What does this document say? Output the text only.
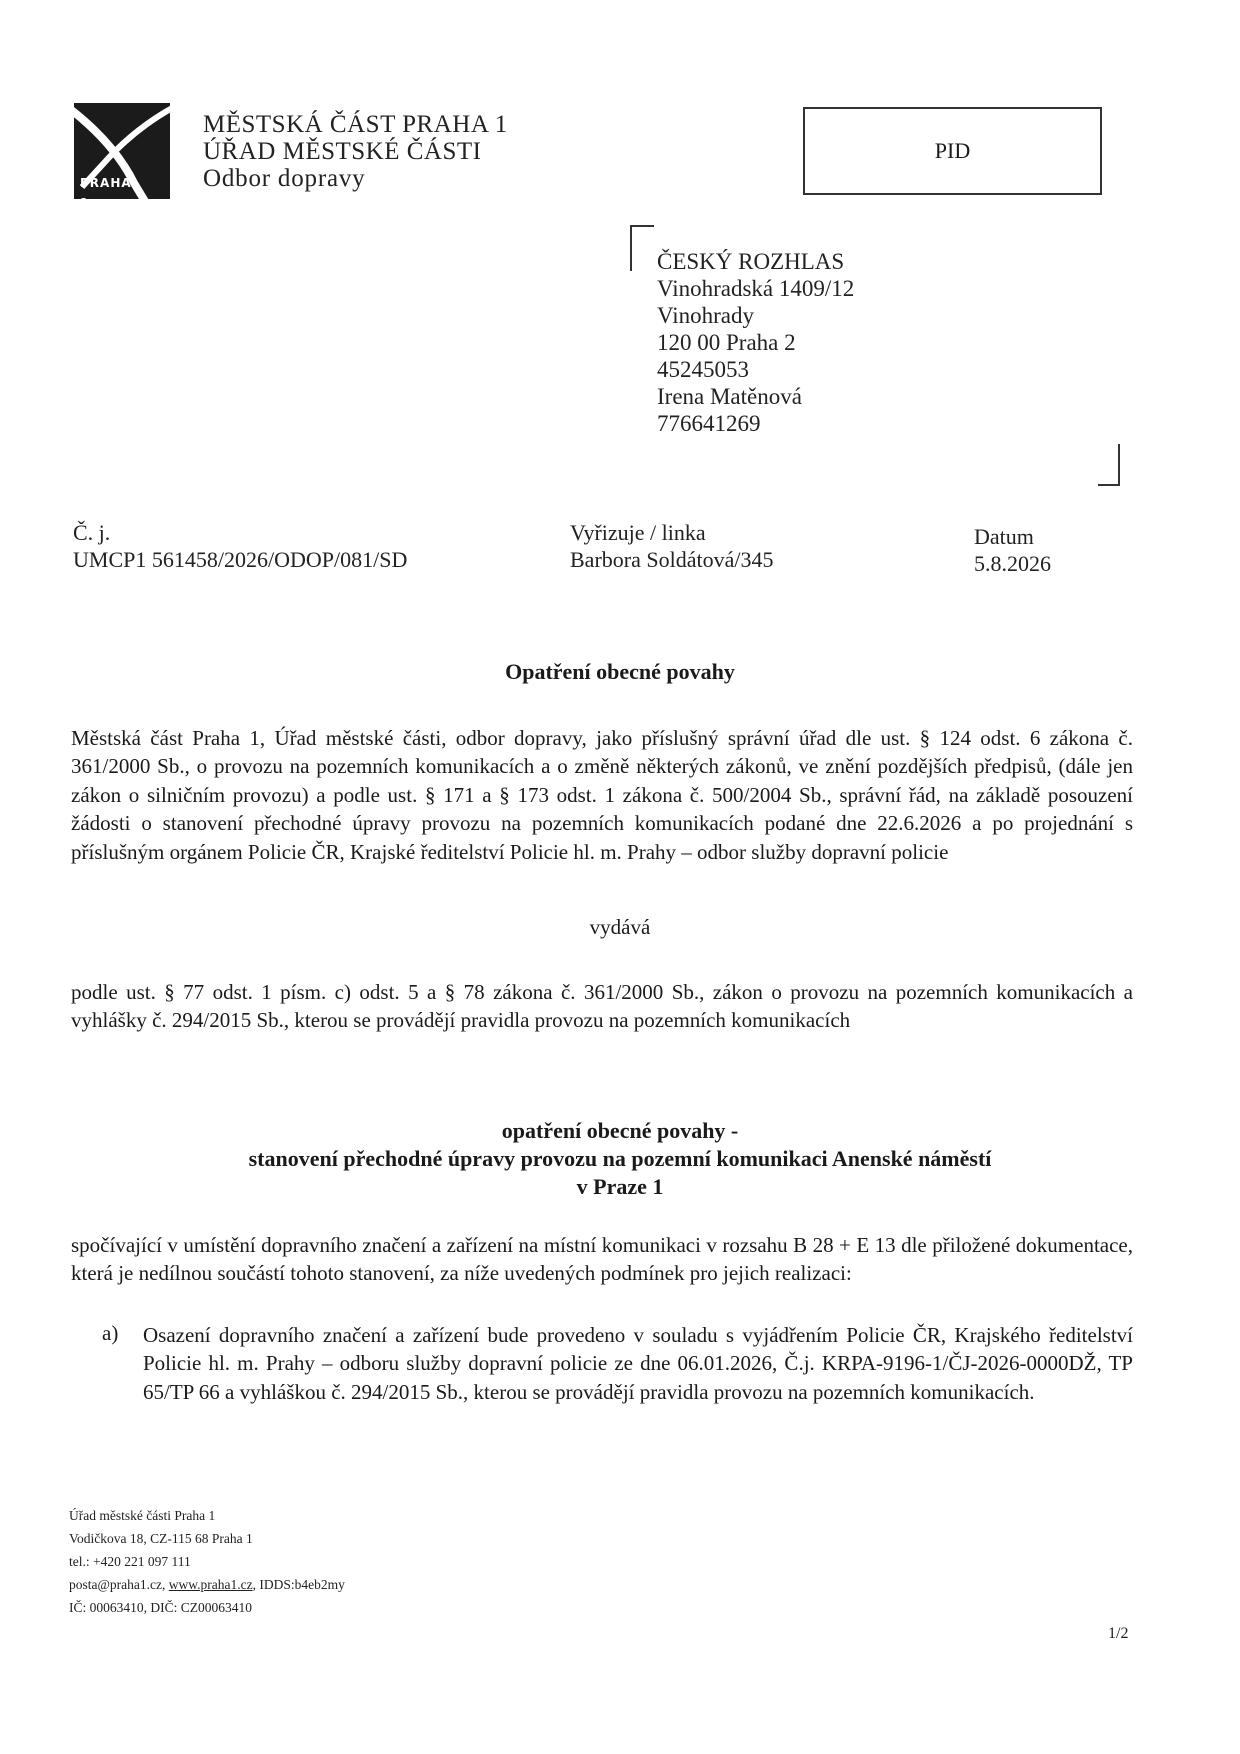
PRAHA 1
MĚSTSKÁ ČÁST PRAHA 1
ÚŘAD MĚSTSKÉ ČÁSTI
Odbor dopravy
PID
ČESKÝ ROZHLAS
Vinohradská 1409/12
Vinohrady
120 00 Praha 2
45245053
Irena Matěnová
776641269
Č. j.
UMCP1 561458/2026/ODOP/081/SD
Vyřizuje / linka
Barbora Soldátová/345
Datum
5.8.2026
Opatření obecné povahy
Městská část Praha 1, Úřad městské části, odbor dopravy, jako příslušný správní úřad dle ust. § 124 odst. 6 zákona č. 361/2000 Sb., o provozu na pozemních komunikacích a o změně některých zákonů, ve znění pozdějších předpisů, (dále jen zákon o silničním provozu) a podle ust. § 171 a § 173 odst. 1 zákona č. 500/2004 Sb., správní řád, na základě posouzení žádosti o stanovení přechodné úpravy provozu na pozemních komunikacích podané dne 22.6.2026 a po projednání s příslušným orgánem Policie ČR, Krajské ředitelství Policie hl. m. Prahy – odbor služby dopravní policie
vydává
podle ust. § 77 odst. 1 písm. c) odst. 5 a § 78 zákona č. 361/2000 Sb., zákon o provozu na pozemních komunikacích a vyhlášky č. 294/2015 Sb., kterou se provádějí pravidla provozu na pozemních komunikacích
opatření obecné povahy -
stanovení přechodné úpravy provozu na pozemní komunikaci Anenské náměstí
v Praze 1
spočívající v umístění dopravního značení a zařízení na místní komunikaci v rozsahu B 28 + E 13 dle přiložené dokumentace, která je nedílnou součástí tohoto stanovení, za níže uvedených podmínek pro jejich realizaci:
a) Osazení dopravního značení a zařízení bude provedeno v souladu s vyjádřením Policie ČR, Krajského ředitelství Policie hl. m. Prahy – odboru služby dopravní policie ze dne 06.01.2026, Č.j. KRPA-9196-1/ČJ-2026-0000DŽ, TP 65/TP 66 a vyhláškou č. 294/2015 Sb., kterou se provádějí pravidla provozu na pozemních komunikacích.
Úřad městské části Praha 1
Vodičkova 18, CZ-115 68 Praha 1
tel.: +420 221 097 111
posta@praha1.cz, www.praha1.cz, IDDS:b4eb2my
IČ: 00063410, DIČ: CZ00063410
1/2
